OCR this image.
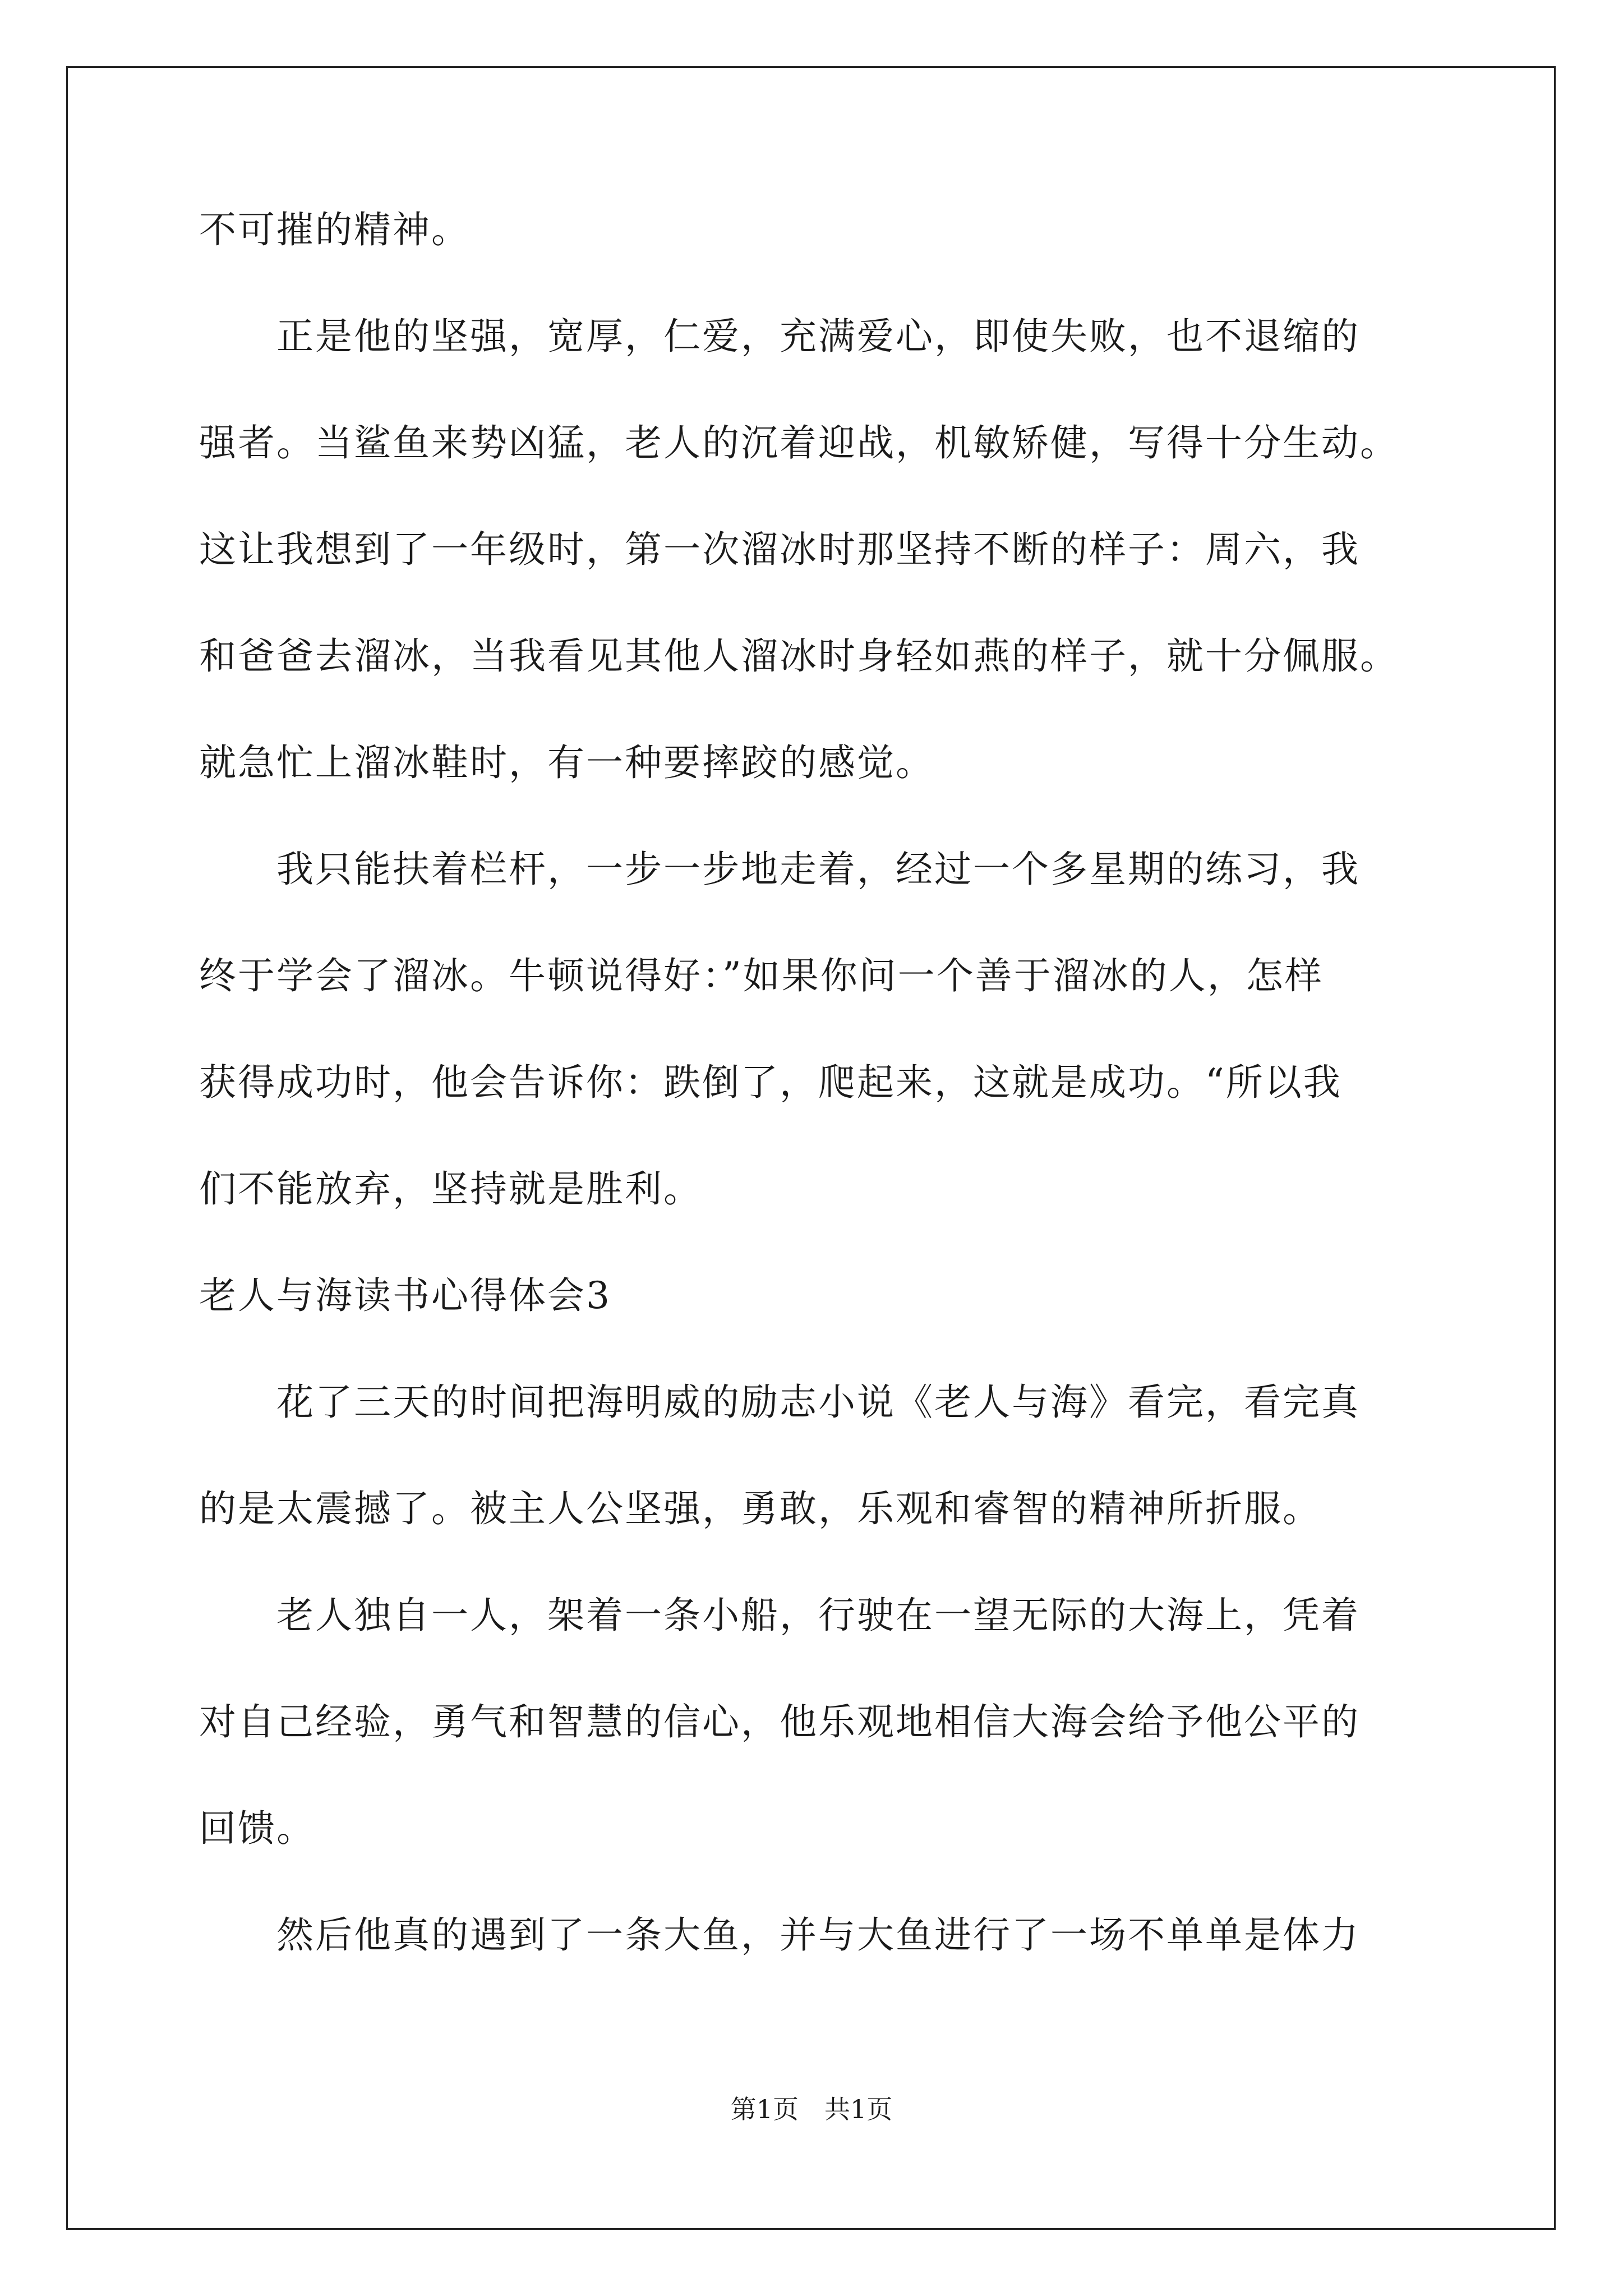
不可摧的精神。
　　正是他的坚强，宽厚，仁爱，充满爱心，即使失败，也不退缩的
强者。当鲨鱼来势凶猛，老人的沉着迎战，机敏矫健，写得十分生动。
这让我想到了一年级时，第一次溜冰时那坚持不断的样子：周六，我
和爸爸去溜冰，当我看见其他人溜冰时身轻如燕的样子，就十分佩服。
就急忙上溜冰鞋时，有一种要摔跤的感觉。
　　我只能扶着栏杆，一步一步地走着，经过一个多星期的练习，我
终于学会了溜冰。牛顿说得好：”如果你问一个善于溜冰的人，怎样
获得成功时，他会告诉你：跌倒了，爬起来，这就是成功。“所以我
们不能放弃，坚持就是胜利。
老人与海读书心得体会3
　　花了三天的时间把海明威的励志小说《老人与海》看完，看完真
的是太震撼了。被主人公坚强，勇敢，乐观和睿智的精神所折服。
　　老人独自一人，架着一条小船，行驶在一望无际的大海上，凭着
对自己经验，勇气和智慧的信心，他乐观地相信大海会给予他公平的
回馈。
　　然后他真的遇到了一条大鱼，并与大鱼进行了一场不单单是体力
第1页　共1页
